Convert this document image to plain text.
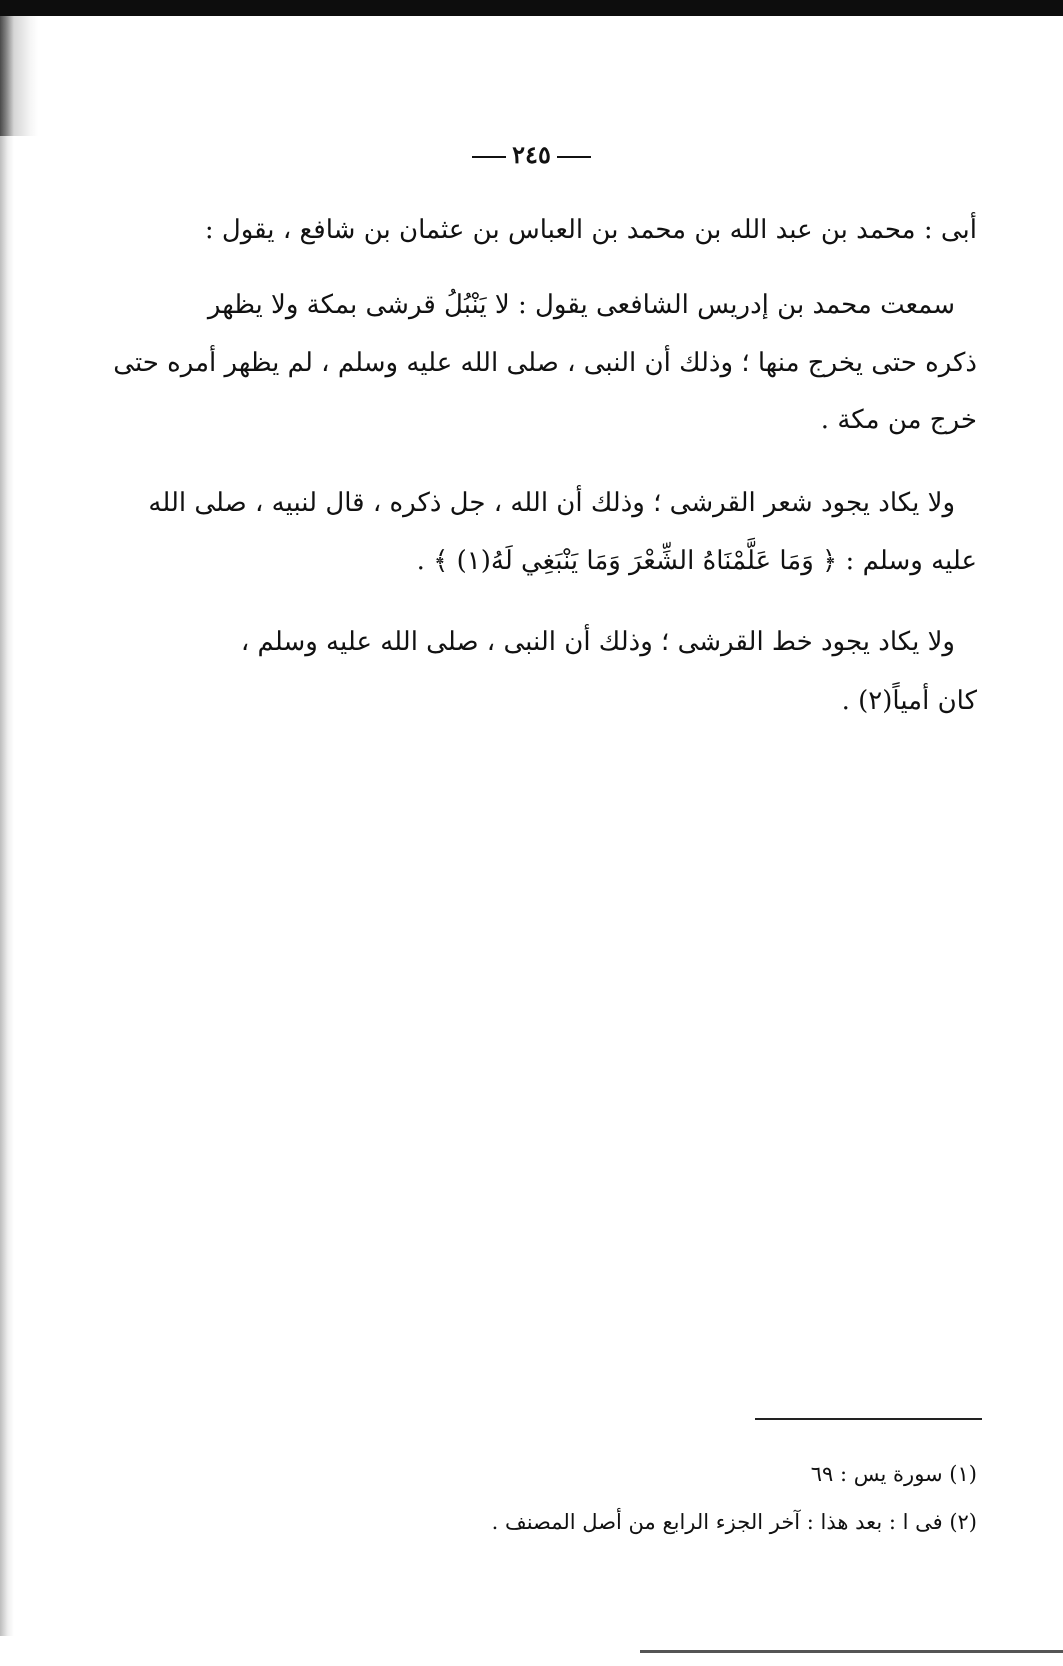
٢٤٥
أبى : محمد بن عبد الله بن محمد بن العباس بن عثمان بن شافع ، يقول :
سمعت محمد بن إدريس الشافعى يقول : لا يَنْبُلُ قرشى بمكة ولا يظهر
ذكره حتى يخرج منها ؛ وذلك أن النبى ، صلى الله عليه وسلم ، لم يظهر أمره حتى
خرج من مكة .
ولا يكاد يجود شعر القرشى ؛ وذلك أن الله ، جل ذكره ، قال لنبيه ، صلى الله
عليه وسلم : ﴿ وَمَا عَلَّمْنَاهُ الشِّعْرَ وَمَا يَنْبَغِي لَهُ(١) ﴾ .
ولا يكاد يجود خط القرشى ؛ وذلك أن النبى ، صلى الله عليه وسلم ،
كان أمياً(٢) .
(١) سورة يس : ٦٩
(٢) فى ا : بعد هذا : آخر الجزء الرابع من أصل المصنف .
